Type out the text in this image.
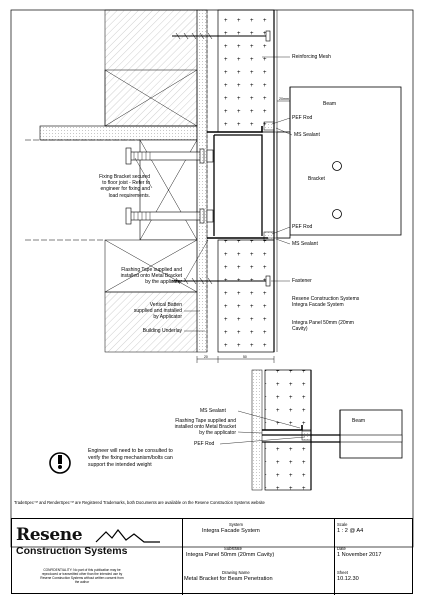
Reinforcing Mesh
Beam
20mm
PEF Rod
MS Sealant
Bracket
Fixing Bracket secured
to floor joist - Refer to
engineer for fixing and
load requirements.
PEF Rod
MS Sealant
Flashing Tape supplied and
installed onto Metal Bracket
by the applicator	Fastener
Resene Construction Systems
Integra Facade System
Integra Panel 50mm (20mm
Cavity)
Vertical Batten
supplied and installed
by Applicator
Building Underlay
20	50
MS Sealant
Flashing Tape supplied and
installed onto Metal Bracket
by the applicator
PEF Rod
Beam
Engineer will need to be consulted to
verify the fixing mechanism/bolts can
support the intended weight
TradeSpec™ and RenderSpec™ are Registered Trademarks, both Documents are available on the Resene Construction Systems website
Resene
Construction Systems
CONFIDENTIALITY: No part of this publication may be
reproduced or transmitted other than the intended use by
Resene Construction Systems without written consent from
the author
System
Integra Facade System
Substrate
Integra Panel 50mm (20mm Cavity)
Drawing Name
Metal Bracket for Beam Penetration
Scale
1 : 2 @ A4
Date
1 November 2017
Sheet
10.12.30
